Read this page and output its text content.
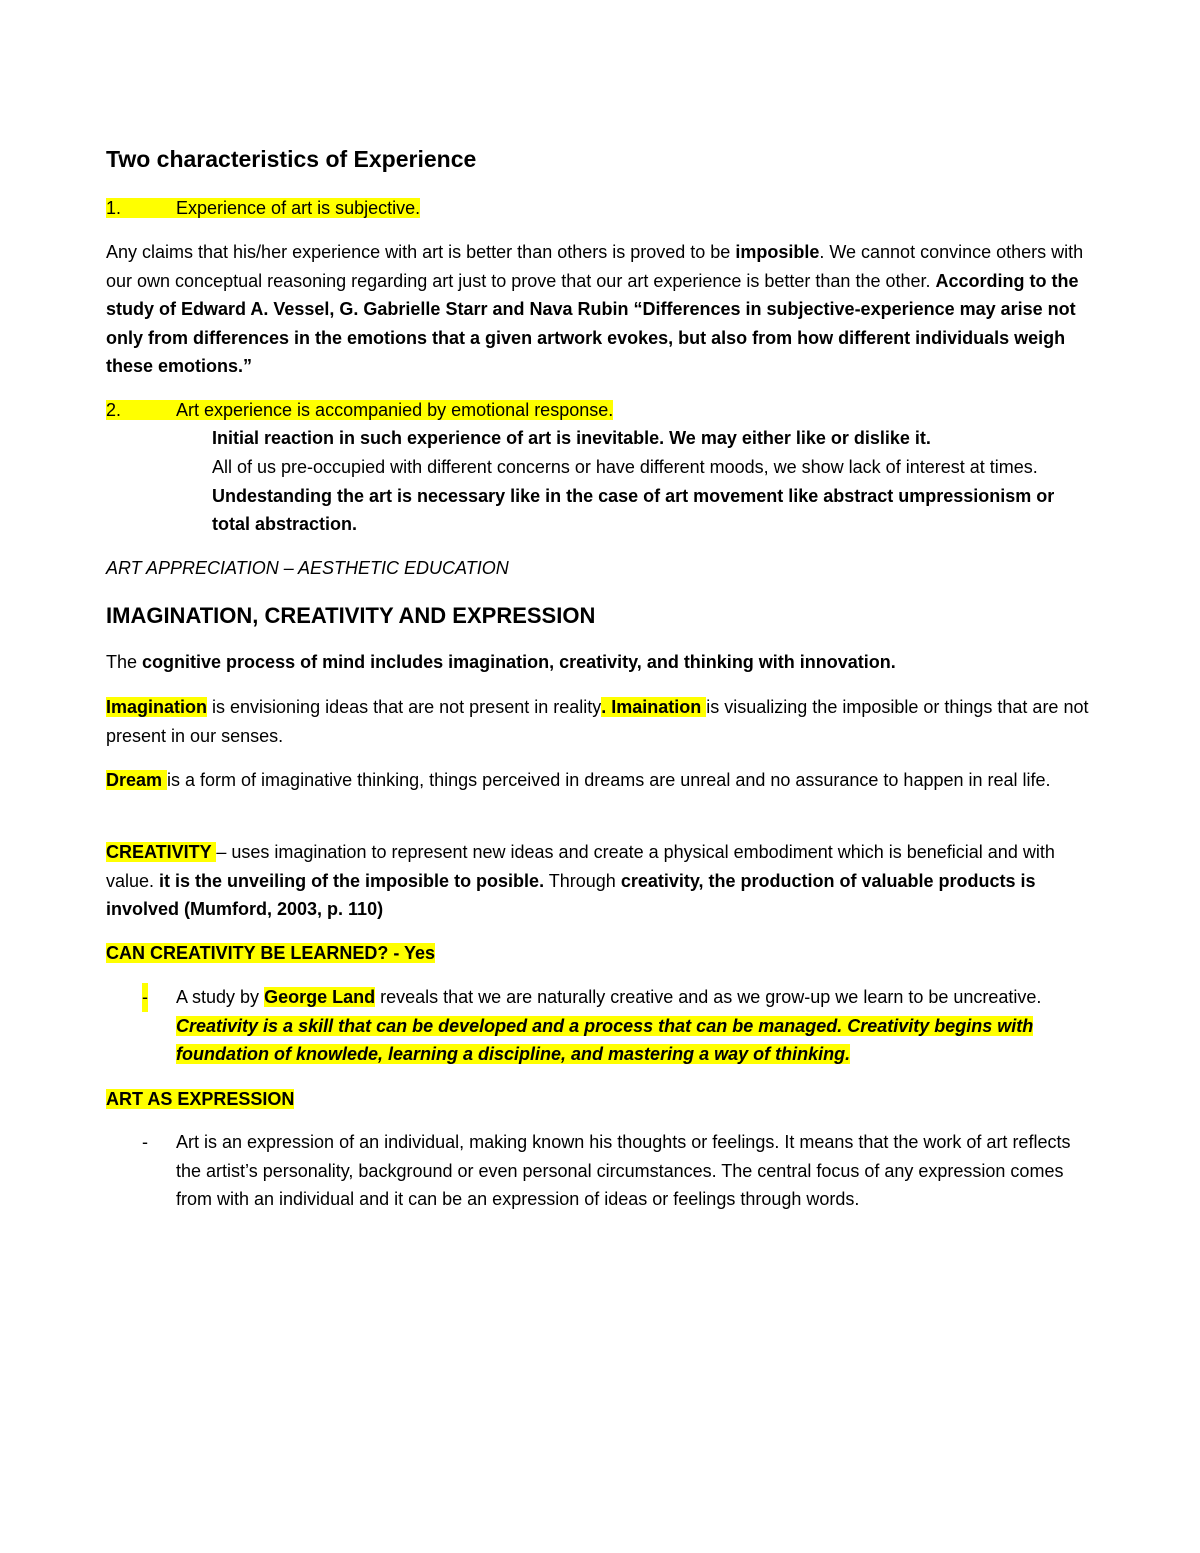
Two characteristics of Experience
1.	Experience of art is subjective.

Any claims that his/her experience with art is better than others is proved to be imposible. We cannot convince others with our own conceptual reasoning regarding art just to prove that our art experience is better than the other. According to the study of Edward A. Vessel, G. Gabrielle Starr and Nava Rubin “Differences in subjective-experience may arise not only from differences in the emotions that a given artwork evokes, but also from how different individuals weigh these emotions.”

2.	Art experience is accompanied by emotional response.

Initial reaction in such experience of art is inevitable. We may either like or dislike it.

All of us pre-occupied with different concerns or have different moods, we show lack of interest at times. Undestanding the art is necessary like in the case of art movement like abstract umpressionism or total abstraction.

ART APPRECIATION – AESTHETIC EDUCATION

IMAGINATION, CREATIVITY AND EXPRESSION

The cognitive process of mind includes imagination, creativity, and thinking with innovation.

Imagination is envisioning ideas that are not present in reality. Imaination is visualizing the imposible or things that are not present in our senses.

Dream is a form of imaginative thinking, things perceived in dreams are unreal and no assurance to happen in real life.

CREATIVITY – uses imagination to represent new ideas and create a physical embodiment which is beneficial and with value. it is the unveiling of the imposible to posible. Through creativity, the production of valuable products is involved (Mumford, 2003, p. 110)

CAN CREATIVITY BE LEARNED? - Yes

- A study by George Land reveals that we are naturally creative and as we grow-up we learn to be uncreative. Creativity is a skill that can be developed and a process that can be managed. Creativity begins with foundation of knowlede, learning a discipline, and mastering a way of thinking.

ART AS EXPRESSION

- Art is an expression of an individual, making known his thoughts or feelings. It means that the work of art reflects the artist’s personality, background or even personal circumstances. The central focus of any expression comes from with an individual and it can be an expression of ideas or feelings through words.
